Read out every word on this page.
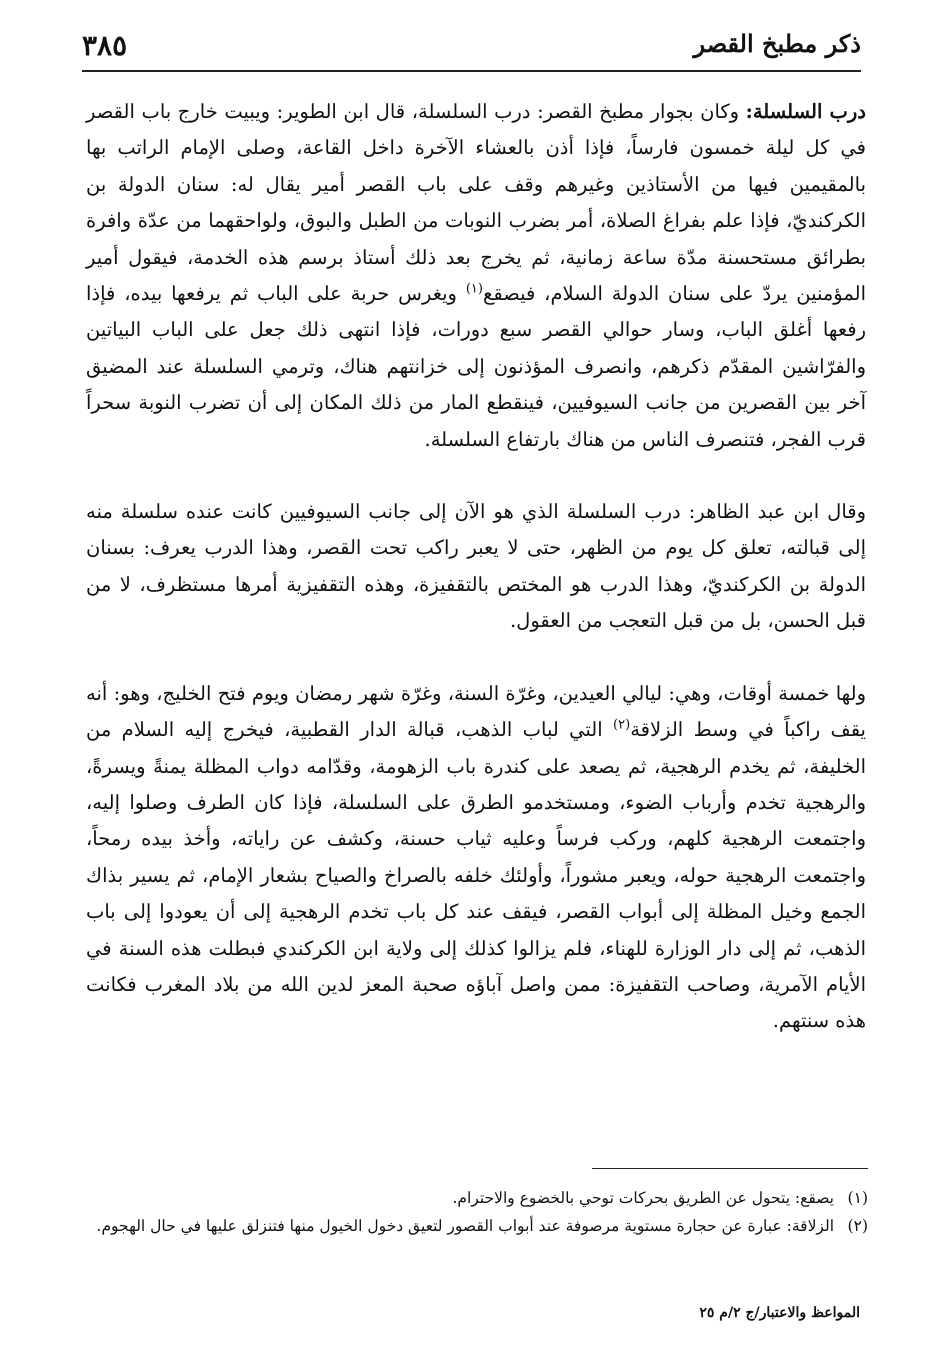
ذكر مطبخ القصر
٣٨٥

درب السلسلة: وكان بجوار مطبخ القصر: درب السلسلة، قال ابن الطوير: ويبيت خارج باب القصر في كل ليلة خمسون فارساً، فإذا أذن بالعشاء الآخرة داخل القاعة، وصلى الإمام الراتب بها بالمقيمين فيها من الأستاذين وغيرهم وقف على باب القصر أمير يقال له: سنان الدولة بن الكركنديّ، فإذا علم بفراغ الصلاة، أمر بضرب النوبات من الطبل والبوق، ولواحقهما من عدّة وافرة بطرائق مستحسنة مدّة ساعة زمانية، ثم يخرج بعد ذلك أستاذ برسم هذه الخدمة، فيقول أمير المؤمنين يردّ على سنان الدولة السلام، فيصقع$^{(١)}$ ويغرس حربة على الباب ثم يرفعها بيده، فإذا رفعها أغلق الباب، وسار حوالي القصر سبع دورات، فإذا انتهى ذلك جعل على الباب البياتين والفرّاشين المقدّم ذكرهم، وانصرف المؤذنون إلى خزانتهم هناك، وترمي السلسلة عند المضيق آخر بين القصرين من جانب السيوفيين، فينقطع المار من ذلك المكان إلى أن تضرب النوبة سحراً قرب الفجر، فتنصرف الناس من هناك بارتفاع السلسلة.

وقال ابن عبد الظاهر: درب السلسلة الذي هو الآن إلى جانب السيوفيين كانت عنده سلسلة منه إلى قبالته، تعلق كل يوم من الظهر، حتى لا يعبر راكب تحت القصر، وهذا الدرب يعرف: بسنان الدولة بن الكركنديّ، وهذا الدرب هو المختص بالتقفيزة، وهذه التقفيزية أمرها مستظرف، لا من قبل الحسن، بل من قبل التعجب من العقول.

ولها خمسة أوقات، وهي: ليالي العيدين، وغرّة السنة، وغرّة شهر رمضان ويوم فتح الخليج، وهو: أنه يقف راكباً في وسط الزلاقة$^{(٢)}$ التي لباب الذهب، قبالة الدار القطبية، فيخرج إليه السلام من الخليفة، ثم يخدم الرهجية، ثم يصعد على كندرة باب الزهومة، وقدّامه دواب المظلة يمنةً ويسرةً، والرهجية تخدم وأرباب الضوء، ومستخدمو الطرق على السلسلة، فإذا كان الطرف وصلوا إليه، واجتمعت الرهجية كلهم، وركب فرساً وعليه ثياب حسنة، وكشف عن راياته، وأخذ بيده رمحاً، واجتمعت الرهجية حوله، ويعبر مشوراً، وأولئك خلفه بالصراخ والصياح بشعار الإمام، ثم يسير بذاك الجمع وخيل المظلة إلى أبواب القصر، فيقف عند كل باب تخدم الرهجية إلى أن يعودوا إلى باب الذهب، ثم إلى دار الوزارة للهناء، فلم يزالوا كذلك إلى ولاية ابن الكركندي فبطلت هذه السنة في الأيام الآمرية، وصاحب التقفيزة: ممن واصل آباؤه صحبة المعز لدين الله من بلاد المغرب فكانت هذه سنتهم.

(١)
يصقع: يتحول عن الطريق بحركات توحي بالخضوع والاحترام.
(٢)
الزلاقة: عبارة عن حجارة مستوية مرصوفة عند أبواب القصور لتعيق دخول الخيول منها فتنزلق عليها في حال الهجوم.
المواعظ والاعتبار/ج ٢/م ٢٥
